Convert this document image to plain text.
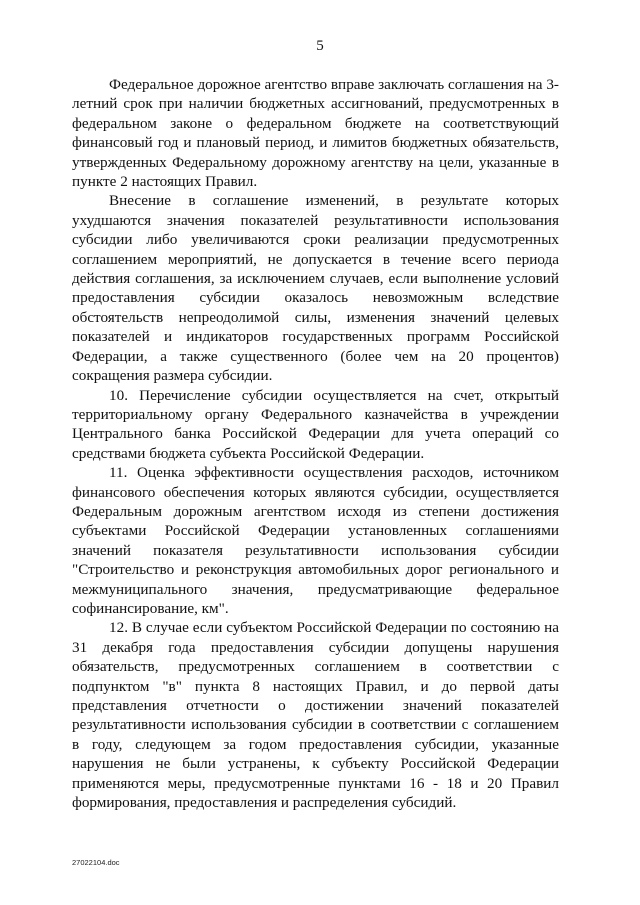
5

Федеральное дорожное агентство вправе заключать соглашения на 3-летний срок при наличии бюджетных ассигнований, предусмотренных в федеральном законе о федеральном бюджете на соответствующий финансовый год и плановый период, и лимитов бюджетных обязательств, утвержденных Федеральному дорожному агентству на цели, указанные в пункте 2 настоящих Правил.

Внесение в соглашение изменений, в результате которых ухудшаются значения показателей результативности использования субсидии либо увеличиваются сроки реализации предусмотренных соглашением мероприятий, не допускается в течение всего периода действия соглашения, за исключением случаев, если выполнение условий предоставления субсидии оказалось невозможным вследствие обстоятельств непреодолимой силы, изменения значений целевых показателей и индикаторов государственных программ Российской Федерации, а также существенного (более чем на 20 процентов) сокращения размера субсидии.

10. Перечисление субсидии осуществляется на счет, открытый территориальному органу Федерального казначейства в учреждении Центрального банка Российской Федерации для учета операций со средствами бюджета субъекта Российской Федерации.

11. Оценка эффективности осуществления расходов, источником финансового обеспечения которых являются субсидии, осуществляется Федеральным дорожным агентством исходя из степени достижения субъектами Российской Федерации установленных соглашениями значений показателя результативности использования субсидии "Строительство и реконструкция автомобильных дорог регионального и межмуниципального значения, предусматривающие федеральное софинансирование, км".

12. В случае если субъектом Российской Федерации по состоянию на 31 декабря года предоставления субсидии допущены нарушения обязательств, предусмотренных соглашением в соответствии с подпунктом "в" пункта 8 настоящих Правил, и до первой даты представления отчетности о достижении значений показателей результативности использования субсидии в соответствии с соглашением в году, следующем за годом предоставления субсидии, указанные нарушения не были устранены, к субъекту Российской Федерации применяются меры, предусмотренные пунктами 16 - 18 и 20 Правил формирования, предоставления и распределения субсидий.

27022104.doc
